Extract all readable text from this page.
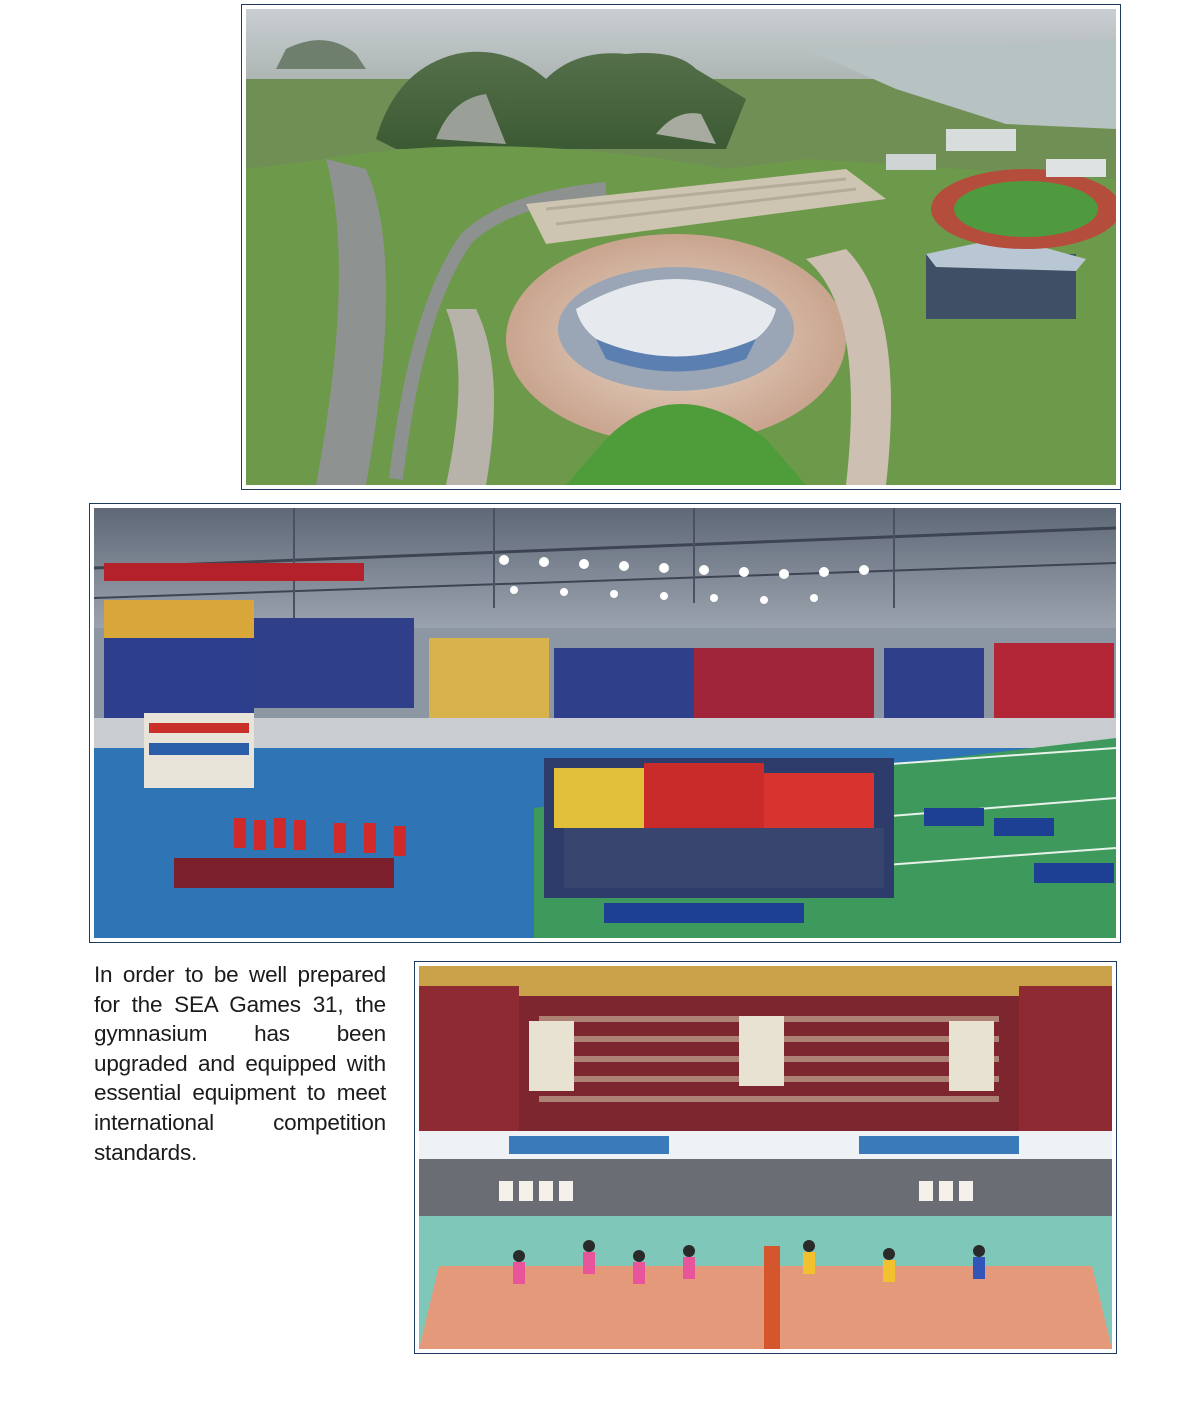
In order to be well prepared for the SEA Games 31, the gymnasium has been upgraded and equipped with essential equipment to meet international competition standards.
